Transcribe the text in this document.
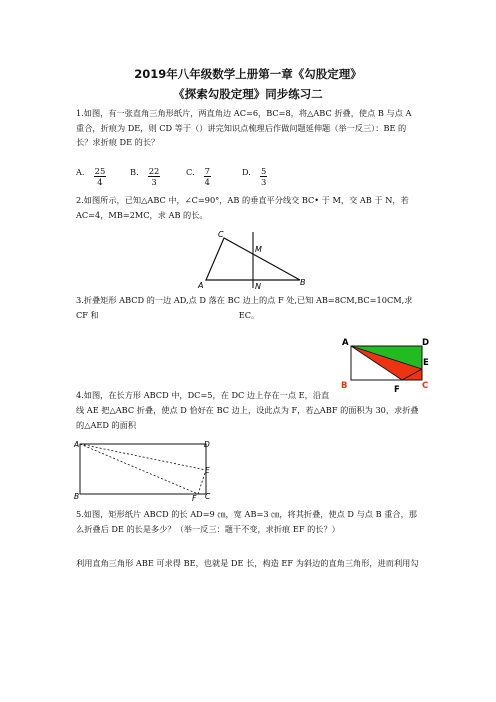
2019年八年级数学上册第一章《勾股定理》
《探索勾股定理》同步练习二
1.如图，有一张直角三角形纸片，两直角边 AC=6，BC=8，将△ABC 折叠，使点 B 与点 A 重合，折痕为 DE，则 CD 等于（）讲完知识点梳理后作做问题延伸题（举一反三）：BE 的长？求折痕 DE 的长？
A. $\frac{25}{4}$	B. $\frac{22}{3}$	C. $\frac{7}{4}$	D. $\frac{5}{3}$
2.如图所示，已知△ABC 中，∠C=90°，AB 的垂直平分线交 BC• 于 M，交 AB 于 N，若 AC=4，MB=2MC，求 AB 的长。
C
M
A	N	B
3.折叠矩形 ABCD 的一边 AD,点 D 落在 BC 边上的点 F 处,已知 AB=8CM,BC=10CM,求 CF 和	EC。
A	D
E
B	F	C
4.如图，在长方形 ABCD 中，DC=5，在 DC 边上存在一点 E，沿直
线 AE 把△ABC 折叠，使点 D 恰好在 BC 边上，设此点为 F，若△ABF 的面积为 30，求折叠的△AED 的面积
A	D
E
B	F C
5.如图，矩形纸片 ABCD 的长 AD=9 ㎝，宽 AB=3 ㎝，将其折叠，使点 D 与点 B 重合，那么折叠后 DE 的长是多少？（举一反三：题干不变，求折痕 EF 的长？）
利用直角三角形 ABE 可求得 BE，也就是 DE 长，构造 EF 为斜边的直角三角形，进而利用勾
